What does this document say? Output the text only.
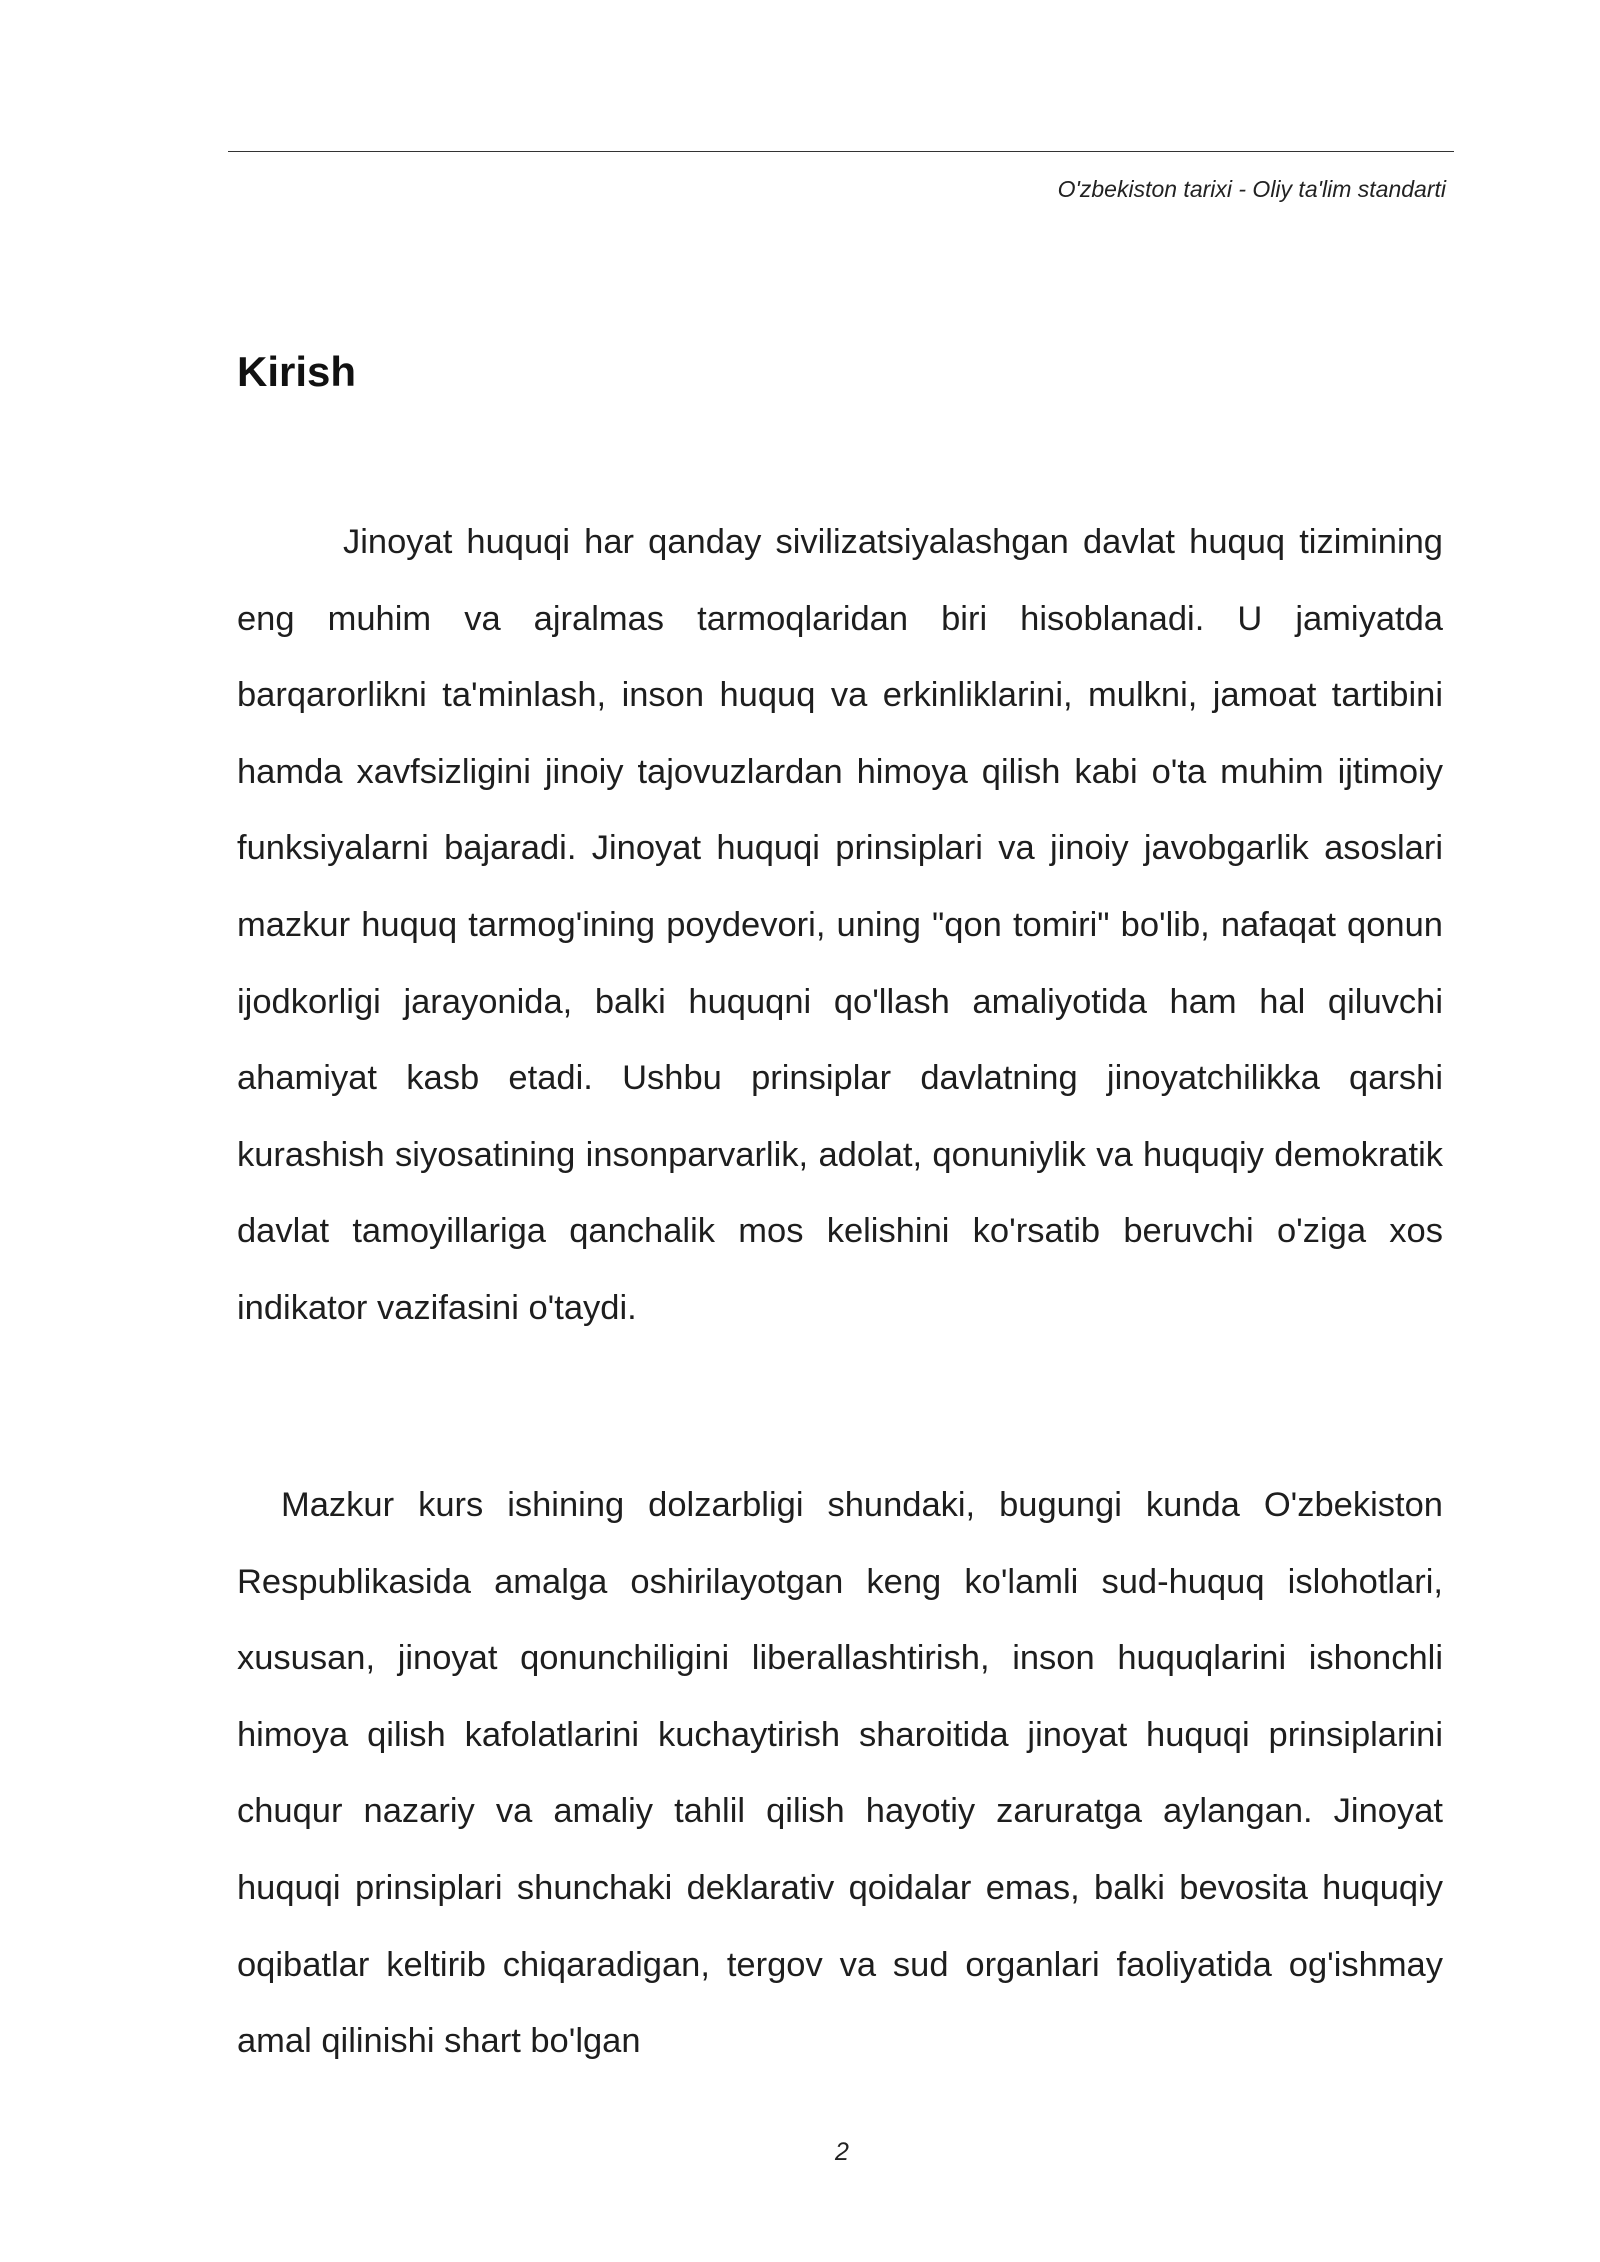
O'zbekiston tarixi - Oliy ta'lim standarti
Kirish

Jinoyat huquqi har qanday sivilizatsiyalashgan davlat huquq tizimining eng muhim va ajralmas tarmoqlaridan biri hisoblanadi. U jamiyatda barqarorlikni ta'minlash, inson huquq va erkinliklarini, mulkni, jamoat tartibini hamda xavfsizligini jinoiy tajovuzlardan himoya qilish kabi o'ta muhim ijtimoiy funksiyalarni bajaradi. Jinoyat huquqi prinsiplari va jinoiy javobgarlik asoslari mazkur huquq tarmog'ining poydevori, uning "qon tomiri" bo'lib, nafaqat qonun ijodkorligi jarayonida, balki huquqni qo'llash amaliyotida ham hal qiluvchi ahamiyat kasb etadi. Ushbu prinsiplar davlatning jinoyatchilikka qarshi kurashish siyosatining insonparvarlik, adolat, qonuniylik va huquqiy demokratik davlat tamoyillariga qanchalik mos kelishini ko'rsatib beruvchi o'ziga xos indikator vazifasini o'taydi.

Mazkur kurs ishining dolzarbligi shundaki, bugungi kunda O'zbekiston Respublikasida amalga oshirilayotgan keng ko'lamli sud-huquq islohotlari, xususan, jinoyat qonunchiligini liberallashtirish, inson huquqlarini ishonchli himoya qilish kafolatlarini kuchaytirish sharoitida jinoyat huquqi prinsiplarini chuqur nazariy va amaliy tahlil qilish hayotiy zaruratga aylangan. Jinoyat huquqi prinsiplari shunchaki deklarativ qoidalar emas, balki bevosita huquqiy oqibatlar keltirib chiqaradigan, tergov va sud organlari faoliyatida og'ishmay amal qilinishi shart bo'lgan

2
